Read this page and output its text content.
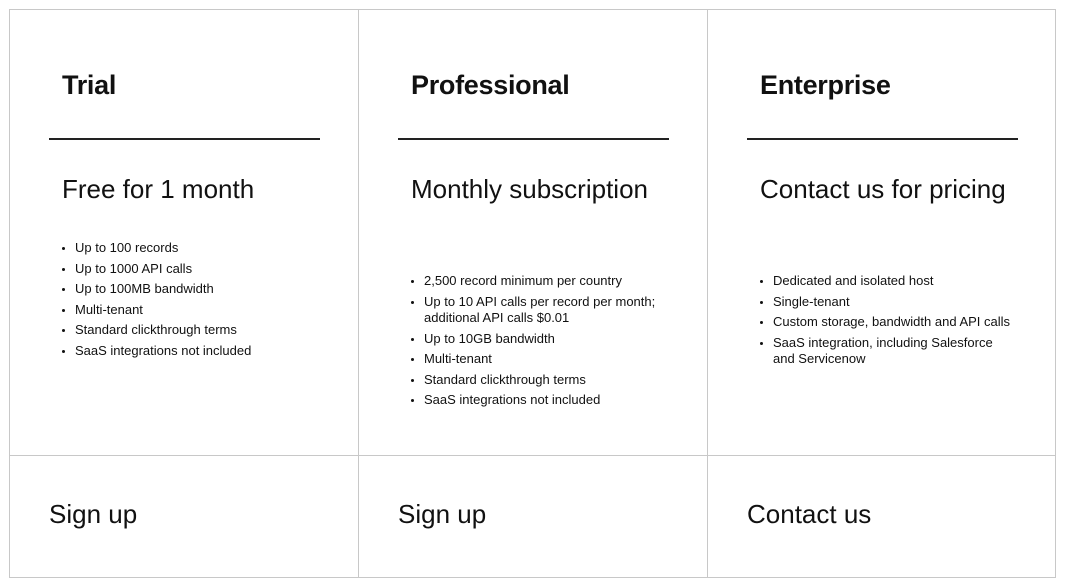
Trial
Free for 1 month
• Up to 100 records
• Up to 1000 API calls
• Up to 100MB bandwidth
• Multi-tenant
• Standard clickthrough terms
• SaaS integrations not included
Professional
Monthly subscription
• 2,500 record minimum per country
• Up to 10 API calls per record per month; additional API calls $0.01
• Up to 10GB bandwidth
• Multi-tenant
• Standard clickthrough terms
• SaaS integrations not included
Enterprise
Contact us for pricing
• Dedicated and isolated host
• Single-tenant
• Custom storage, bandwidth and API calls
• SaaS integration, including Salesforce and Servicenow
Sign up	Sign up	Contact us
